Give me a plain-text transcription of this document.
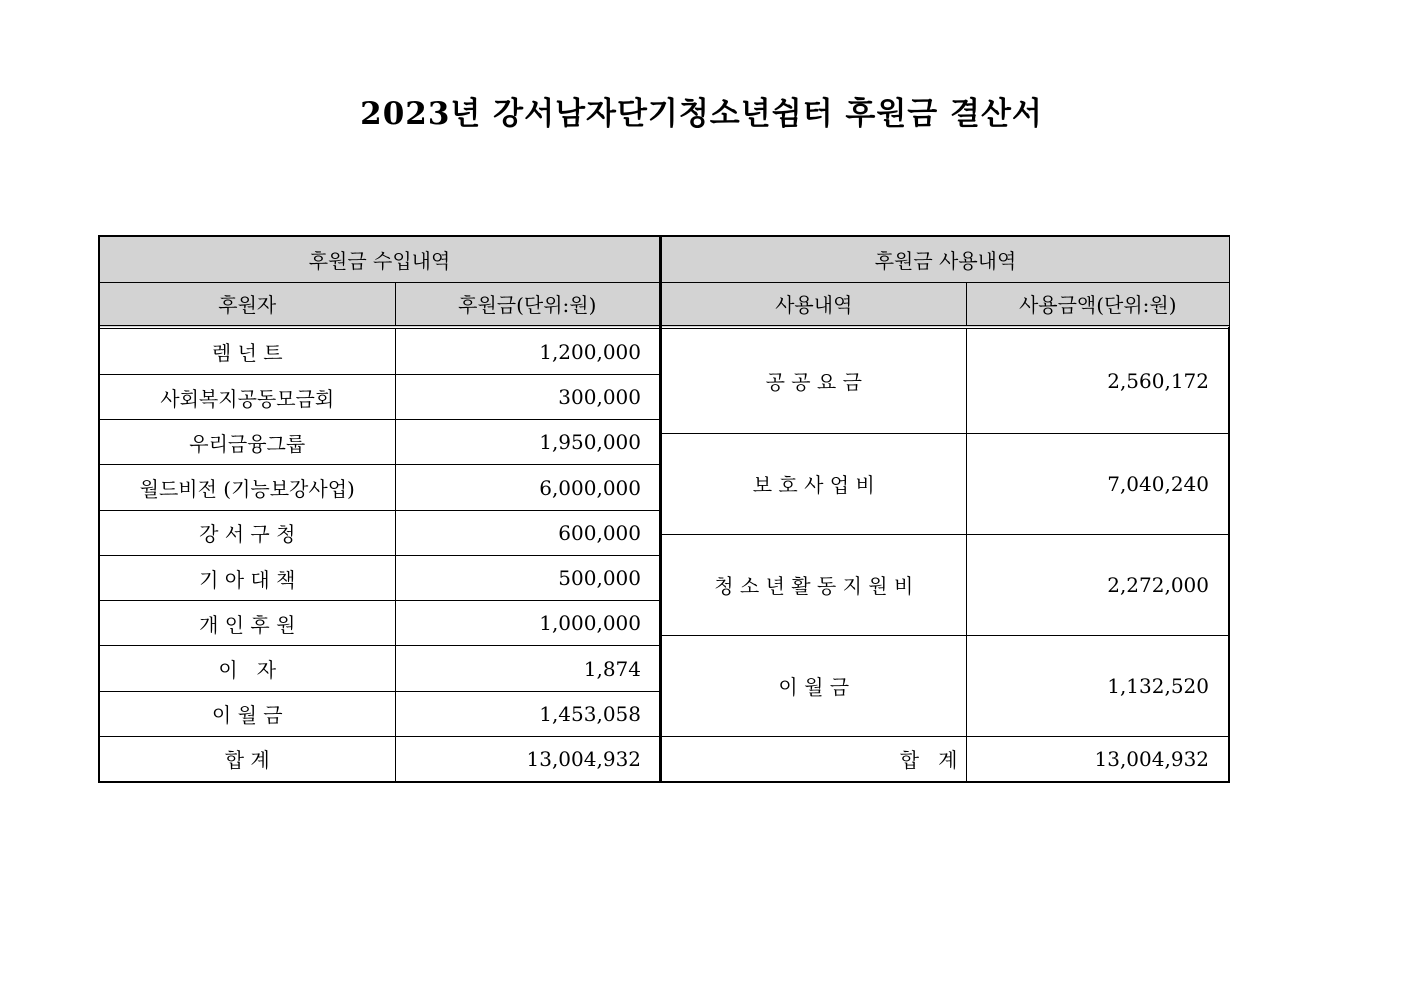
2023년 강서남자단기청소년쉼터 후원금 결산서
후원금 수입내역	
후원자	후원금(단위:원)
렘 넌 트	1,200,000
사회복지공동모금회	300,000
우리금융그룹	1,950,000
월드비전 (기능보강사업)	6,000,000
강 서 구 청	600,000
기 아 대 책	500,000
개 인 후 원	1,000,000
이   자	1,874
이 월 금	1,453,058
합 계	13,004,932
후원금 사용내역	
사용내역	사용금액(단위:원)
공 공 요 금	2,560,172
보 호 사 업 비	7,040,240
청 소 년 활 동 지 원 비	2,272,000
이 월 금	1,132,520
합   계	13,004,932
